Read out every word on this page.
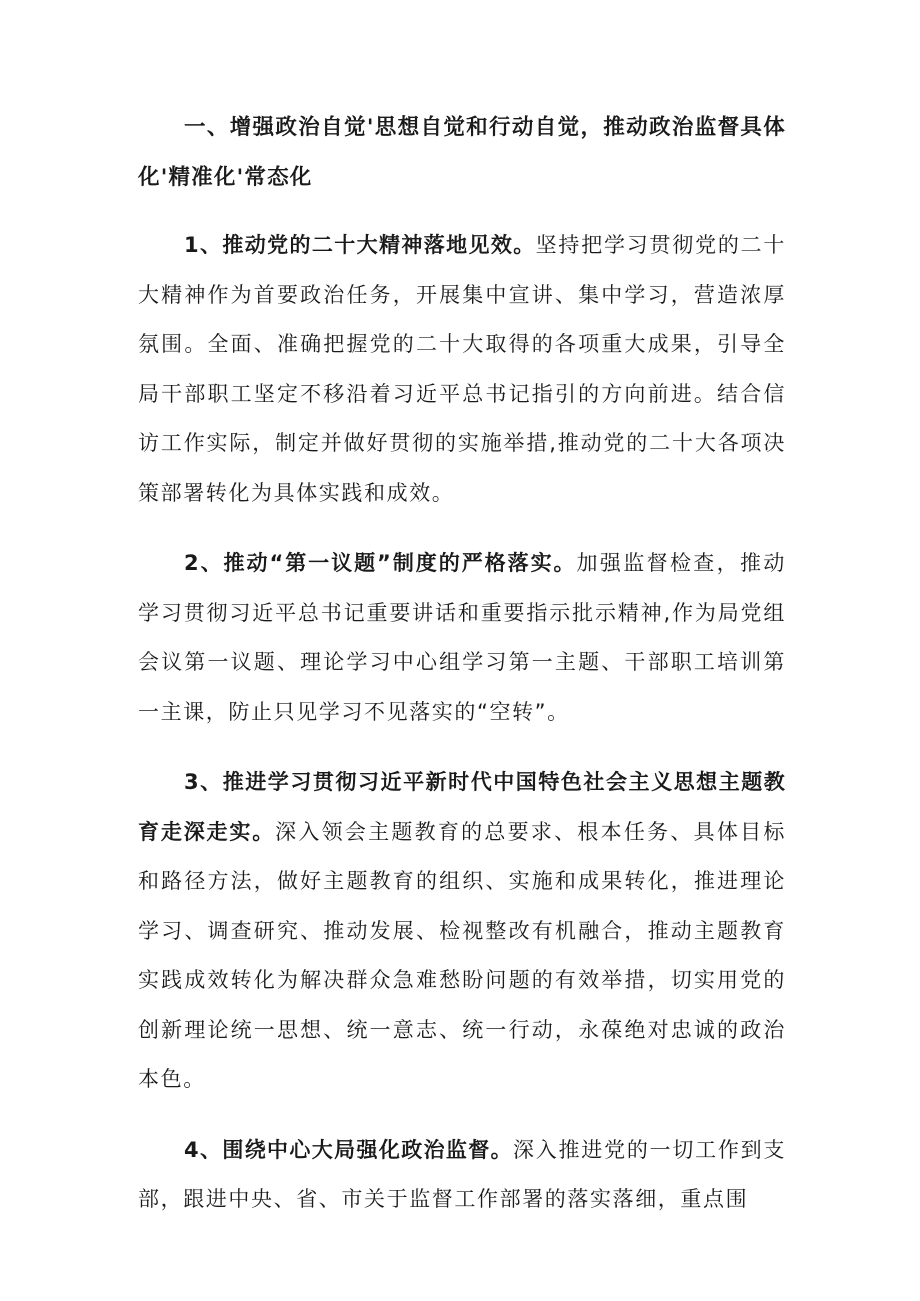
一、增强政治自觉'思想自觉和行动自觉，推动政治监督具体化'精准化'常态化

1、推动党的二十大精神落地见效。坚持把学习贯彻党的二十大精神作为首要政治任务，开展集中宣讲、集中学习，营造浓厚氛围。全面、准确把握党的二十大取得的各项重大成果，引导全局干部职工坚定不移沿着习近平总书记指引的方向前进。结合信访工作实际，制定并做好贯彻的实施举措,推动党的二十大各项决策部署转化为具体实践和成效。

2、推动“第一议题”制度的严格落实。加强监督检查，推动学习贯彻习近平总书记重要讲话和重要指示批示精神,作为局党组会议第一议题、理论学习中心组学习第一主题、干部职工培训第一主课，防止只见学习不见落实的“空转”。

3、推进学习贯彻习近平新时代中国特色社会主义思想主题教育走深走实。深入领会主题教育的总要求、根本任务、具体目标和路径方法，做好主题教育的组织、实施和成果转化，推进理论学习、调查研究、推动发展、检视整改有机融合，推动主题教育实践成效转化为解决群众急难愁盼问题的有效举措，切实用党的创新理论统一思想、统一意志、统一行动，永葆绝对忠诚的政治本色。

4、围绕中心大局强化政治监督。深入推进党的一切工作到支部，跟进中央、省、市关于监督工作部署的落实落细，重点围
